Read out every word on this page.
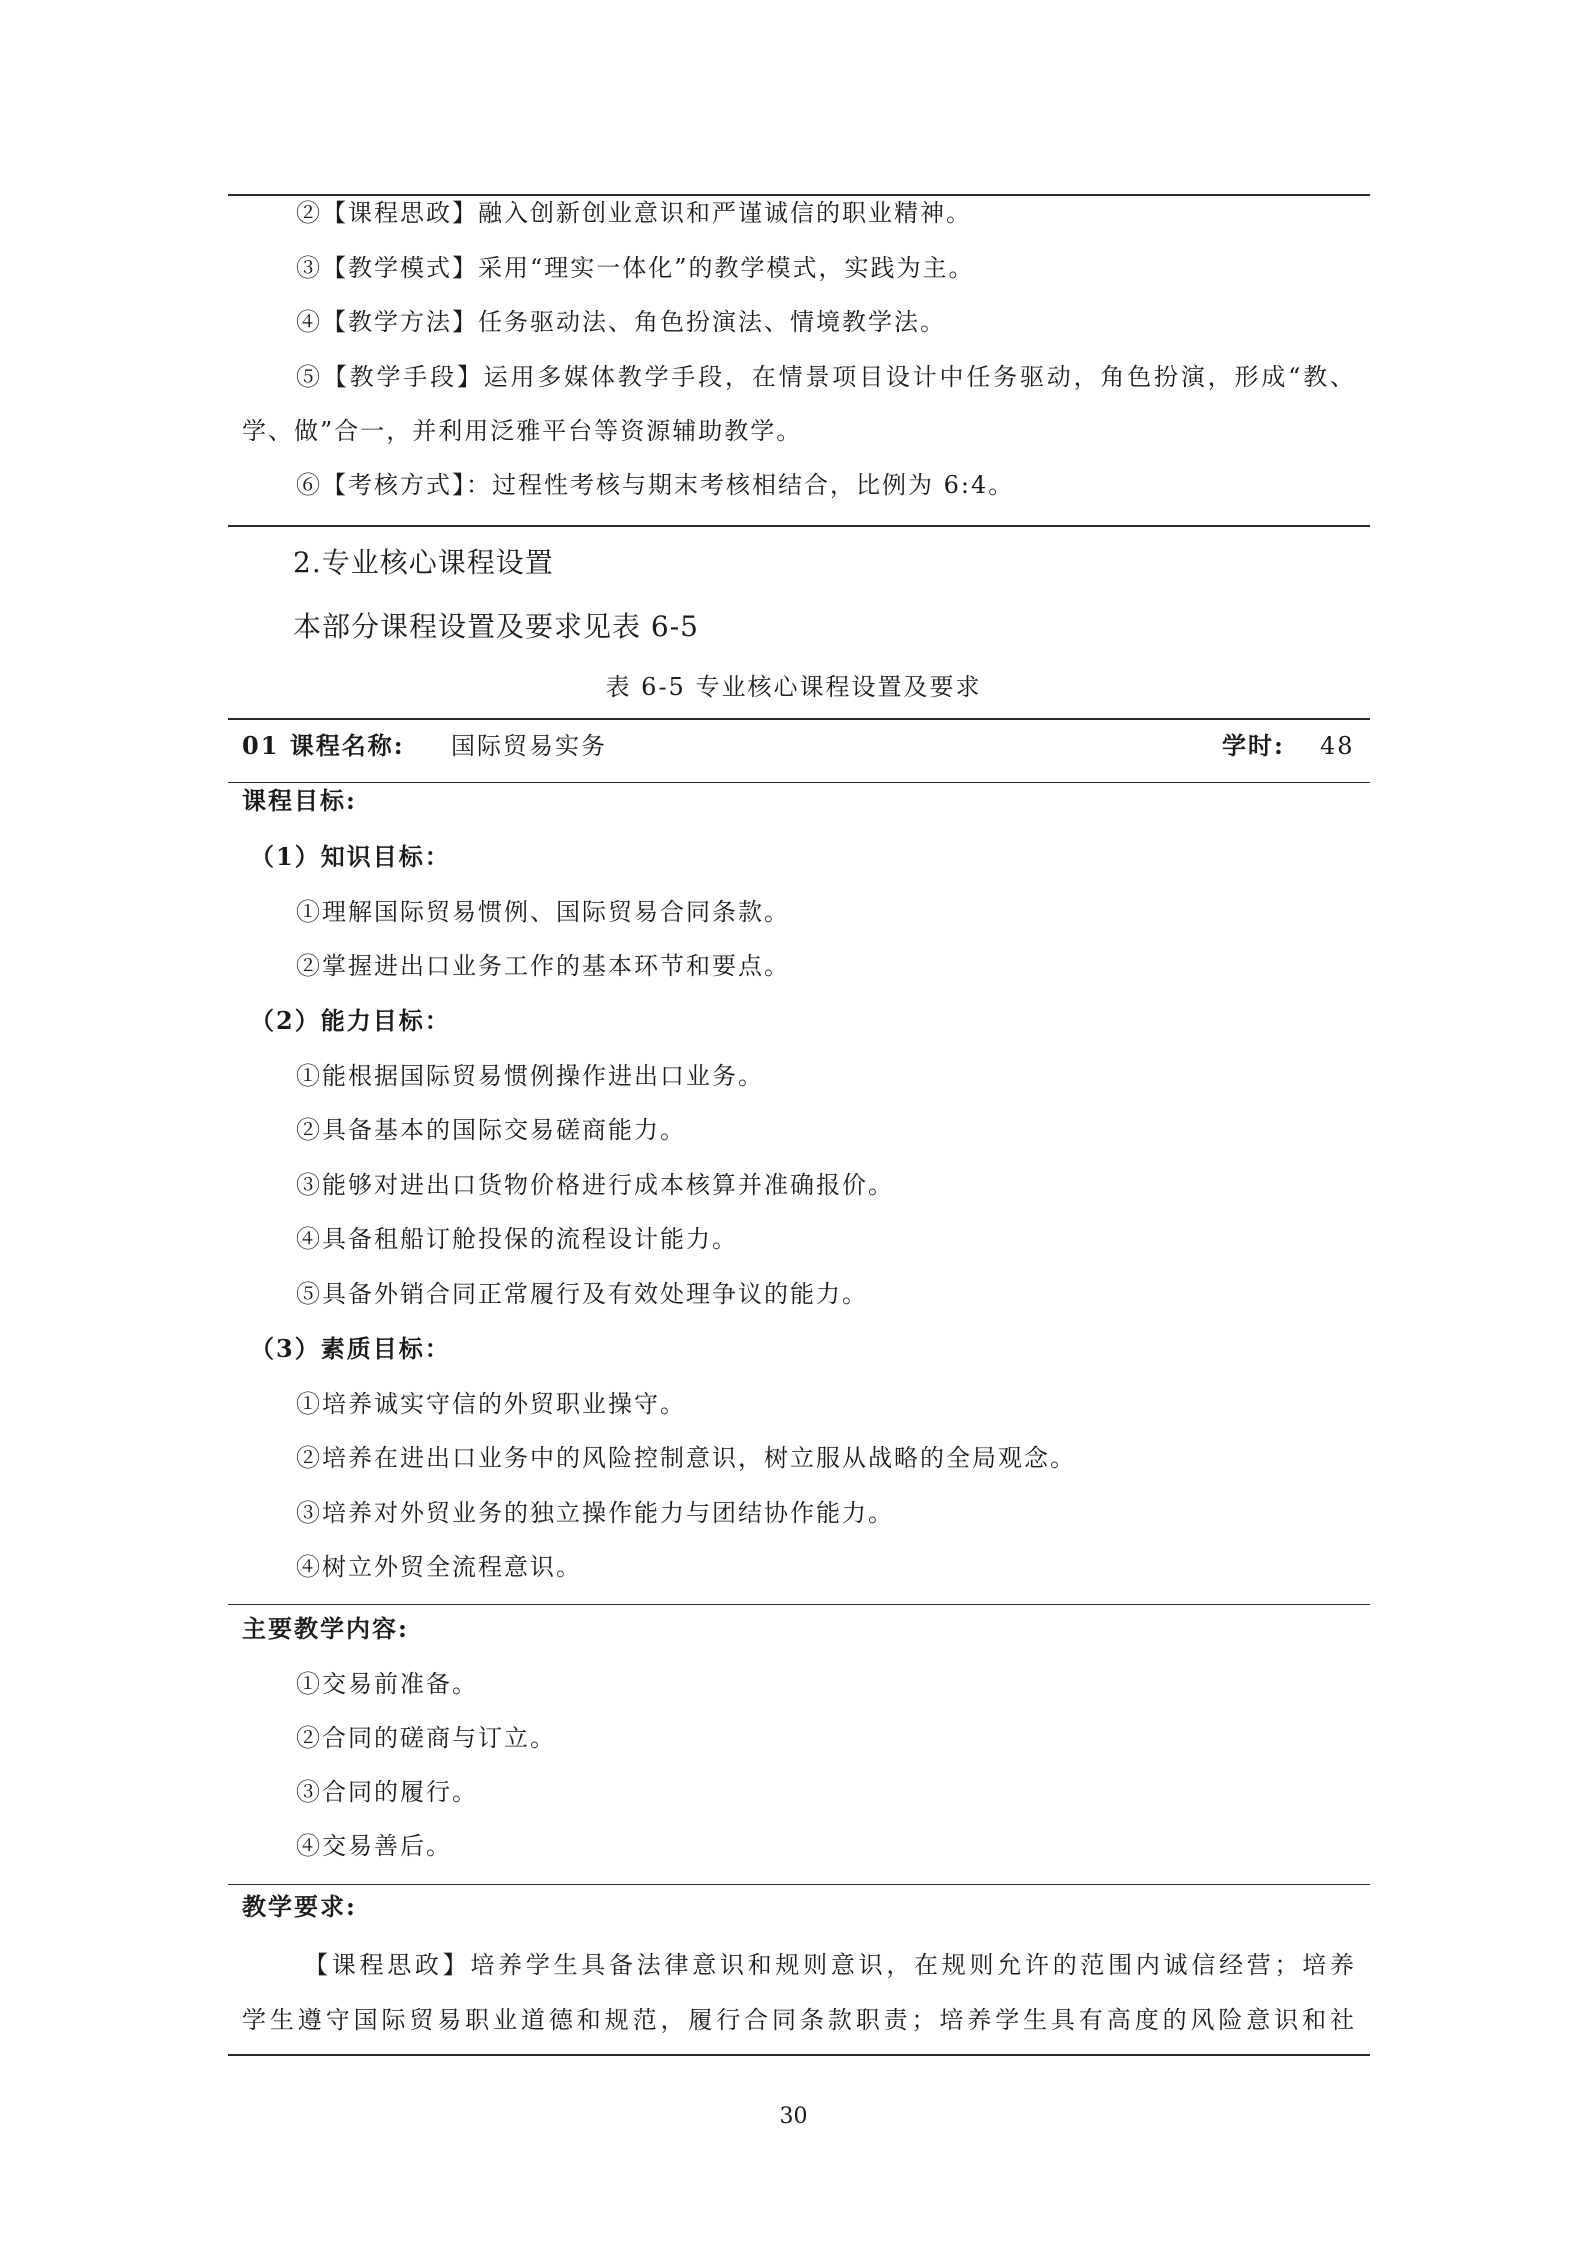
②【课程思政】融入创新创业意识和严谨诚信的职业精神。
③【教学模式】采用“理实一体化”的教学模式，实践为主。
④【教学方法】任务驱动法、角色扮演法、情境教学法。
⑤【教学手段】运用多媒体教学手段，在情景项目设计中任务驱动，角色扮演，形成“教、
学、做”合一，并利用泛雅平台等资源辅助教学。
⑥【考核方式】：过程性考核与期末考核相结合，比例为 6:4。
2.专业核心课程设置
本部分课程设置及要求见表 6-5
表 6-5 专业核心课程设置及要求
01 课程名称: 国际贸易实务	学时: 48
课程目标:
（1）知识目标：
①理解国际贸易惯例、国际贸易合同条款。
②掌握进出口业务工作的基本环节和要点。
（2）能力目标：
①能根据国际贸易惯例操作进出口业务。
②具备基本的国际交易磋商能力。
③能够对进出口货物价格进行成本核算并准确报价。
④具备租船订舱投保的流程设计能力。
⑤具备外销合同正常履行及有效处理争议的能力。
（3）素质目标：
①培养诚实守信的外贸职业操守。
②培养在进出口业务中的风险控制意识，树立服从战略的全局观念。
③培养对外贸业务的独立操作能力与团结协作能力。
④树立外贸全流程意识。
主要教学内容:
①交易前准备。
②合同的磋商与订立。
③合同的履行。
④交易善后。
教学要求:
【课程思政】培养学生具备法律意识和规则意识，在规则允许的范围内诚信经营；培养
学生遵守国际贸易职业道德和规范，履行合同条款职责；培养学生具有高度的风险意识和社
30
